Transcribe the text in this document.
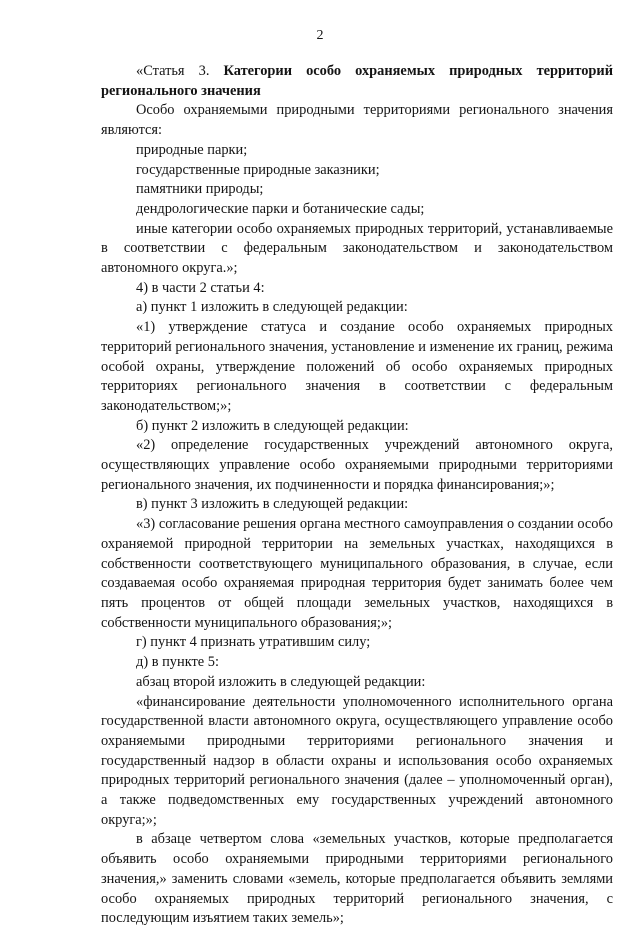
2

«Статья 3. Категории особо охраняемых природных территорий регионального значения

Особо охраняемыми природными территориями регионального значения являются:

природные парки;

государственные природные заказники;

памятники природы;

дендрологические парки и ботанические сады;

иные категории особо охраняемых природных территорий, устанавливаемые в соответствии с федеральным законодательством и законодательством автономного округа.»;

4) в части 2 статьи 4:

а) пункт 1 изложить в следующей редакции:

«1) утверждение статуса и создание особо охраняемых природных территорий регионального значения, установление и изменение их границ, режима особой охраны, утверждение положений об особо охраняемых природных территориях регионального значения в соответствии с федеральным законодательством;»;

б) пункт 2 изложить в следующей редакции:

«2) определение государственных учреждений автономного округа, осуществляющих управление особо охраняемыми природными территориями регионального значения, их подчиненности и порядка финансирования;»;

в) пункт 3 изложить в следующей редакции:

«3) согласование решения органа местного самоуправления о создании особо охраняемой природной территории на земельных участках, находящихся в собственности соответствующего муниципального образования, в случае, если создаваемая особо охраняемая природная территория будет занимать более чем пять процентов от общей площади земельных участков, находящихся в собственности муниципального образования;»;

г) пункт 4 признать утратившим силу;

д) в пункте 5:

абзац второй изложить в следующей редакции:

«финансирование деятельности уполномоченного исполнительного органа государственной власти автономного округа, осуществляющего управление особо охраняемыми природными территориями регионального значения и государственный надзор в области охраны и использования особо охраняемых природных территорий регионального значения (далее – уполномоченный орган), а также подведомственных ему государственных учреждений автономного округа;»;

в абзаце четвертом слова «земельных участков, которые предполагается объявить особо охраняемыми природными территориями регионального значения,» заменить словами «земель, которые предполагается объявить землями особо охраняемых природных территорий регионального значения, с последующим изъятием таких земель»;
